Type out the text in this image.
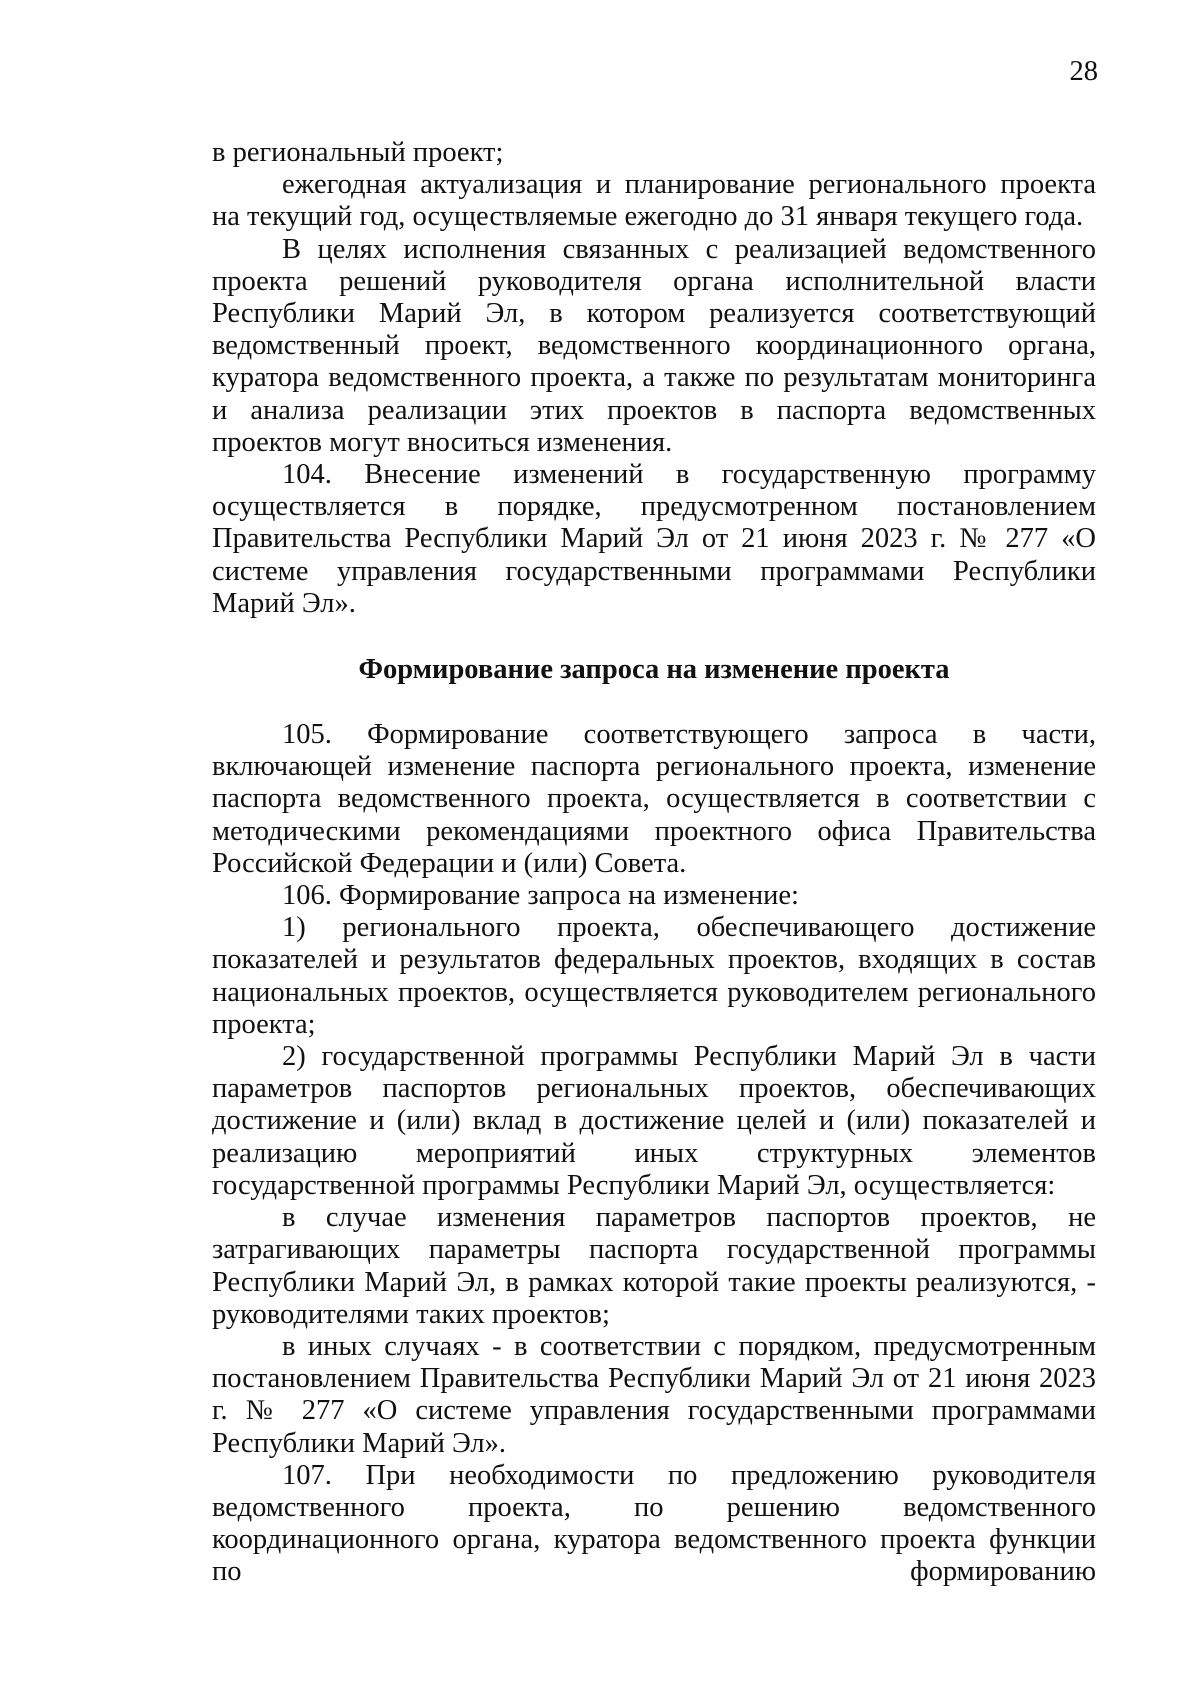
28

в региональный проект;

ежегодная актуализация и планирование регионального проекта на текущий год, осуществляемые ежегодно до 31 января текущего года.

В целях исполнения связанных с реализацией ведомственного проекта решений руководителя органа исполнительной власти Республики Марий Эл, в котором реализуется соответствующий ведомственный проект, ведомственного координационного органа, куратора ведомственного проекта, а также по результатам мониторинга и анализа реализации этих проектов в паспорта ведомственных проектов могут вноситься изменения.

104. Внесение изменений в государственную программу осуществляется в порядке, предусмотренном постановлением Правительства Республики Марий Эл от 21 июня 2023 г. № 277 «О системе управления государственными программами Республики Марий Эл».

Формирование запроса на изменение проекта

105. Формирование соответствующего запроса в части, включающей изменение паспорта регионального проекта, изменение паспорта ведомственного проекта, осуществляется в соответствии с методическими рекомендациями проектного офиса Правительства Российской Федерации и (или) Совета.

106. Формирование запроса на изменение:

1) регионального проекта, обеспечивающего достижение показателей и результатов федеральных проектов, входящих в состав национальных проектов, осуществляется руководителем регионального проекта;

2) государственной программы Республики Марий Эл в части параметров паспортов региональных проектов, обеспечивающих достижение и (или) вклад в достижение целей и (или) показателей и реализацию мероприятий иных структурных элементов государственной программы Республики Марий Эл, осуществляется:

в случае изменения параметров паспортов проектов, не затрагивающих параметры паспорта государственной программы Республики Марий Эл, в рамках которой такие проекты реализуются, - руководителями таких проектов;

в иных случаях - в соответствии с порядком, предусмотренным постановлением Правительства Республики Марий Эл от 21 июня 2023 г. № 277 «О системе управления государственными программами Республики Марий Эл».

107. При необходимости по предложению руководителя ведомственного проекта, по решению ведомственного координационного органа, куратора ведомственного проекта функции по формированию
